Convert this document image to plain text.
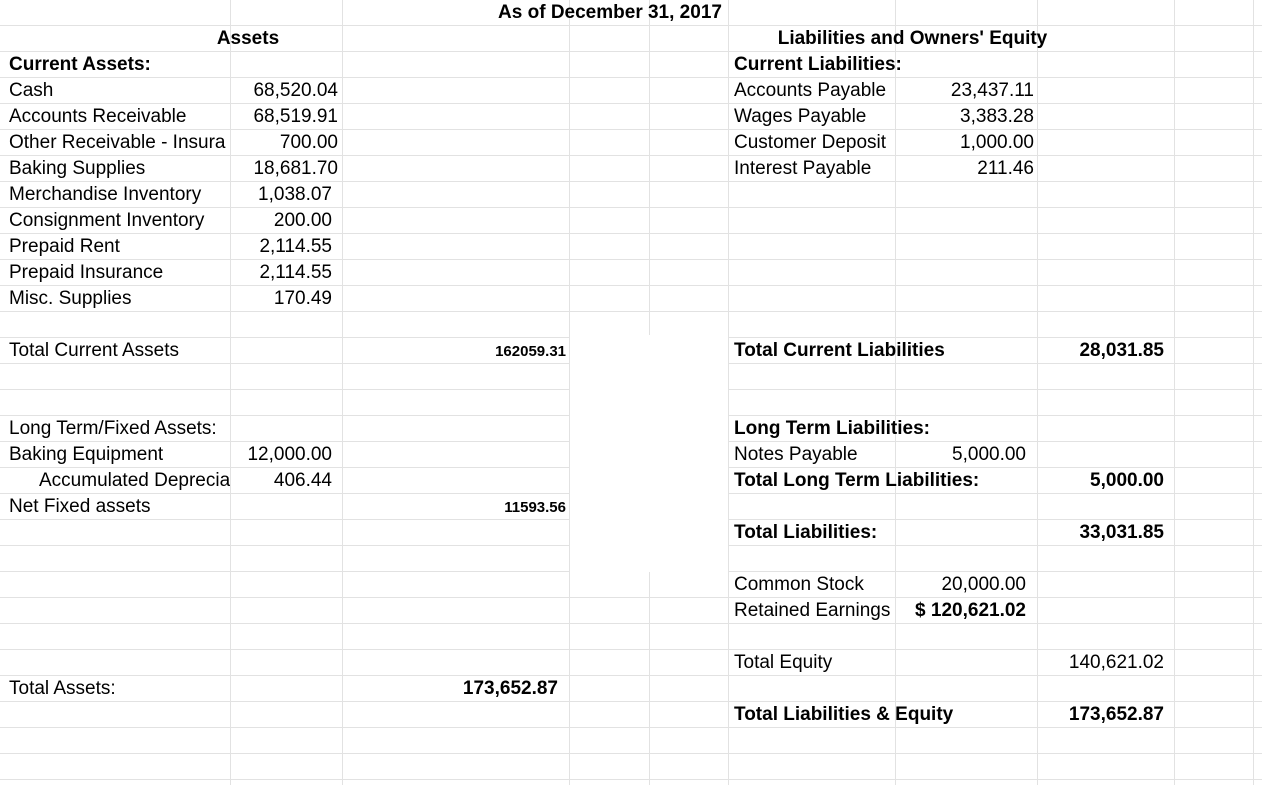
As of December 31, 2017
Assets
Current Assets:
Cash	68,520.04
Accounts Receivable	68,519.91
Other Receivable - Insura	700.00
Baking Supplies	18,681.70
Merchandise Inventory	1,038.07
Consignment Inventory	200.00
Prepaid Rent	2,114.55
Prepaid Insurance	2,114.55
Misc. Supplies	170.49
Total Current Assets	162059.31
Long Term/Fixed Assets:
Baking Equipment	12,000.00
Accumulated Deprecia	406.44
Net Fixed assets	11593.56
Total Assets:	173,652.87
Liabilities and Owners' Equity
Current Liabilities:
Accounts Payable	23,437.11
Wages Payable	3,383.28
Customer Deposit	1,000.00
Interest Payable	211.46
Total Current Liabilities	28,031.85
Long Term Liabilities:
Notes Payable	5,000.00
Total Long Term Liabilities:	5,000.00
Total Liabilities:	33,031.85
Common Stock	20,000.00
Retained Earnings	$ 120,621.02
Total Equity	140,621.02
Total Liabilities & Equity	173,652.87
